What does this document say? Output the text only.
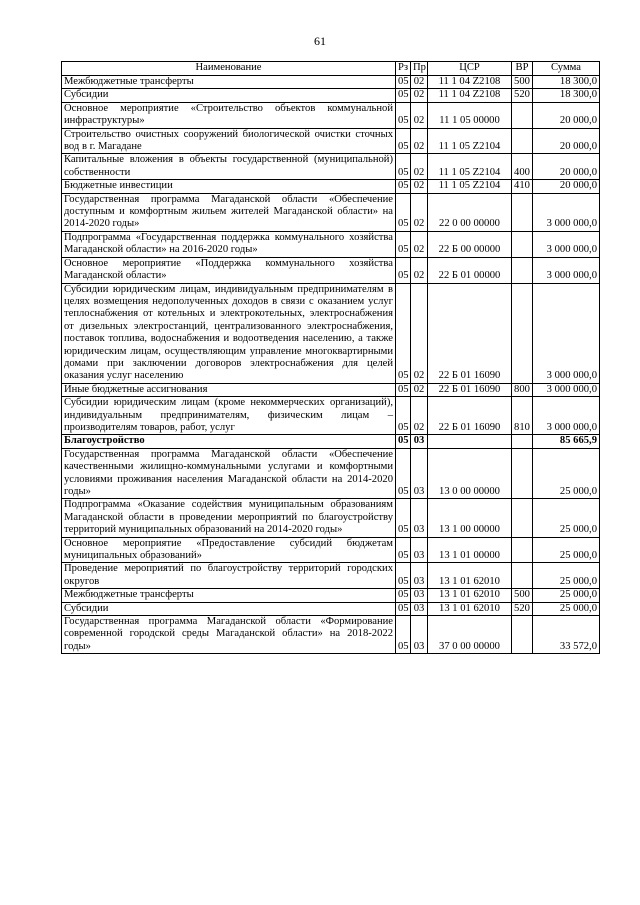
61
Наименование	Рз	Пр	ЦСР	ВР	Сумма
Межбюджетные трансферты	05	02	11 1 04 Z2108	500	18 300,0
Субсидии	05	02	11 1 04 Z2108	520	18 300,0
Основное мероприятие «Строительство объектов коммунальной инфраструктуры»	05	02	11 1 05 00000		20 000,0
Строительство очистных сооружений биологической очистки сточных вод в г. Магадане	05	02	11 1 05 Z2104		20 000,0
Капитальные вложения в объекты государственной (муниципальной) собственности	05	02	11 1 05 Z2104	400	20 000,0
Бюджетные инвестиции	05	02	11 1 05 Z2104	410	20 000,0
Государственная программа Магаданской области «Обеспечение доступным и комфортным жильем жителей Магаданской области» на 2014-2020 годы»	05	02	22 0 00 00000		3 000 000,0
Подпрограмма «Государственная поддержка коммунального хозяйства Магаданской области» на 2016-2020 годы»	05	02	22 Б 00 00000		3 000 000,0
Основное мероприятие «Поддержка коммунального хозяйства Магаданской области»	05	02	22 Б 01 00000		3 000 000,0
Субсидии юридическим лицам, индивидуальным предпринимателям в целях возмещения недополученных доходов в связи с оказанием услуг теплоснабжения от котельных и электрокотельных, электроснабжения от дизельных электростанций, централизованного электроснабжения, поставок топлива, водоснабжения и водоотведения населению, а также юридическим лицам, осуществляющим управление многоквартирными домами при заключении договоров электроснабжения для целей оказания услуг населению	05	02	22 Б 01 16090		3 000 000,0
Иные бюджетные ассигнования	05	02	22 Б 01 16090	800	3 000 000,0
Субсидии юридическим лицам (кроме некоммерческих организаций), индивидуальным предпринимателям, физическим лицам – производителям товаров, работ, услуг	05	02	22 Б 01 16090	810	3 000 000,0
Благоустройство	05	03			85 665,9
Государственная программа Магаданской области «Обеспечение качественными жилищно-коммунальными услугами и комфортными условиями проживания населения Магаданской области на 2014-2020 годы»	05	03	13 0 00 00000		25 000,0
Подпрограмма «Оказание содействия муниципальным образованиям Магаданской области в проведении мероприятий по благоустройству территорий муниципальных образований на 2014-2020 годы»	05	03	13 1 00 00000		25 000,0
Основное мероприятие «Предоставление субсидий бюджетам муниципальных образований»	05	03	13 1 01 00000		25 000,0
Проведение мероприятий по благоустройству территорий городских округов	05	03	13 1 01 62010		25 000,0
Межбюджетные трансферты	05	03	13 1 01 62010	500	25 000,0
Субсидии	05	03	13 1 01 62010	520	25 000,0
Государственная программа Магаданской области «Формирование современной городской среды Магаданской области» на 2018-2022 годы»	05	03	37 0 00 00000		33 572,0
